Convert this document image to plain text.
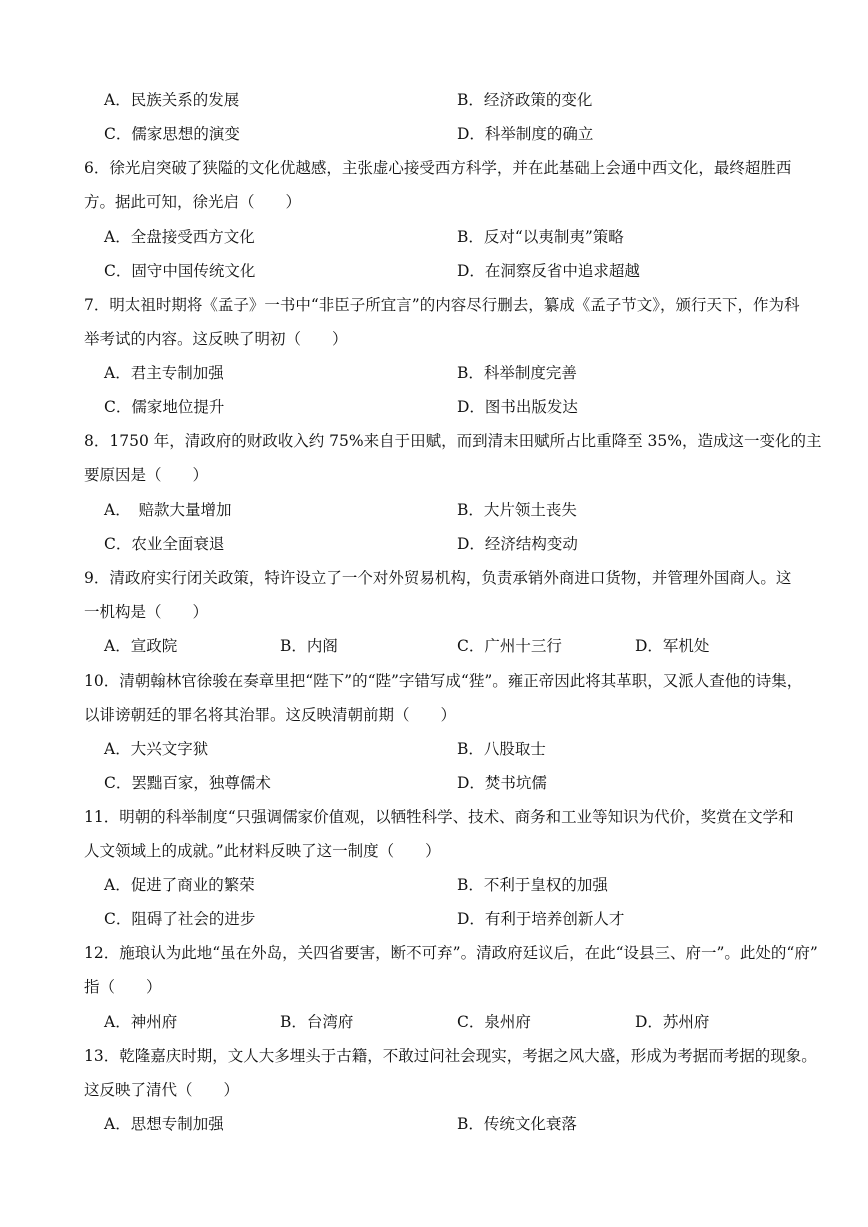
A．民族关系的发展	B．经济政策的变化
C．儒家思想的演变	D．科举制度的确立
6．徐光启突破了狭隘的文化优越感，主张虚心接受西方科学，并在此基础上会通中西文化，最终超胜西
方。据此可知，徐光启（　　）
A．全盘接受西方文化	B．反对“以夷制夷”策略
C．固守中国传统文化	D．在洞察反省中追求超越
7．明太祖时期将《孟子》一书中“非臣子所宜言”的内容尽行删去，纂成《孟子节文》，颁行天下，作为科
举考试的内容。这反映了明初（　　）
A．君主专制加强	B．科举制度完善
C．儒家地位提升	D．图书出版发达
8．1750 年，清政府的财政收入约 75%来自于田赋，而到清末田赋所占比重降至 35%，造成这一变化的主
要原因是（　　）
A．　赔款大量增加	B．大片领土丧失
C．农业全面衰退	D．经济结构变动
9．清政府实行闭关政策，特许设立了一个对外贸易机构，负责承销外商进口货物，并管理外国商人。这
一机构是（　　）
A．宣政院	B．内阁	C．广州十三行	D．军机处
10．清朝翰林官徐骏在奏章里把“陛下”的“陛”字错写成“狴”。雍正帝因此将其革职，又派人查他的诗集，
以诽谤朝廷的罪名将其治罪。这反映清朝前期（　　）
A．大兴文字狱	B．八股取士
C．罢黜百家，独尊儒术	D．焚书坑儒
11．明朝的科举制度“只强调儒家价值观，以牺牲科学、技术、商务和工业等知识为代价，奖赏在文学和
人文领域上的成就。”此材料反映了这一制度（　　）
A．促进了商业的繁荣	B．不利于皇权的加强
C．阻碍了社会的进步	D．有利于培养创新人才
12．施琅认为此地“虽在外岛，关四省要害，断不可弃”。清政府廷议后，在此“设县三、府一”。此处的“府”
指（　　）
A．神州府	B．台湾府	C．泉州府	D．苏州府
13．乾隆嘉庆时期，文人大多埋头于古籍，不敢过问社会现实，考据之风大盛，形成为考据而考据的现象。
这反映了清代（　　）
A．思想专制加强	B．传统文化衰落
